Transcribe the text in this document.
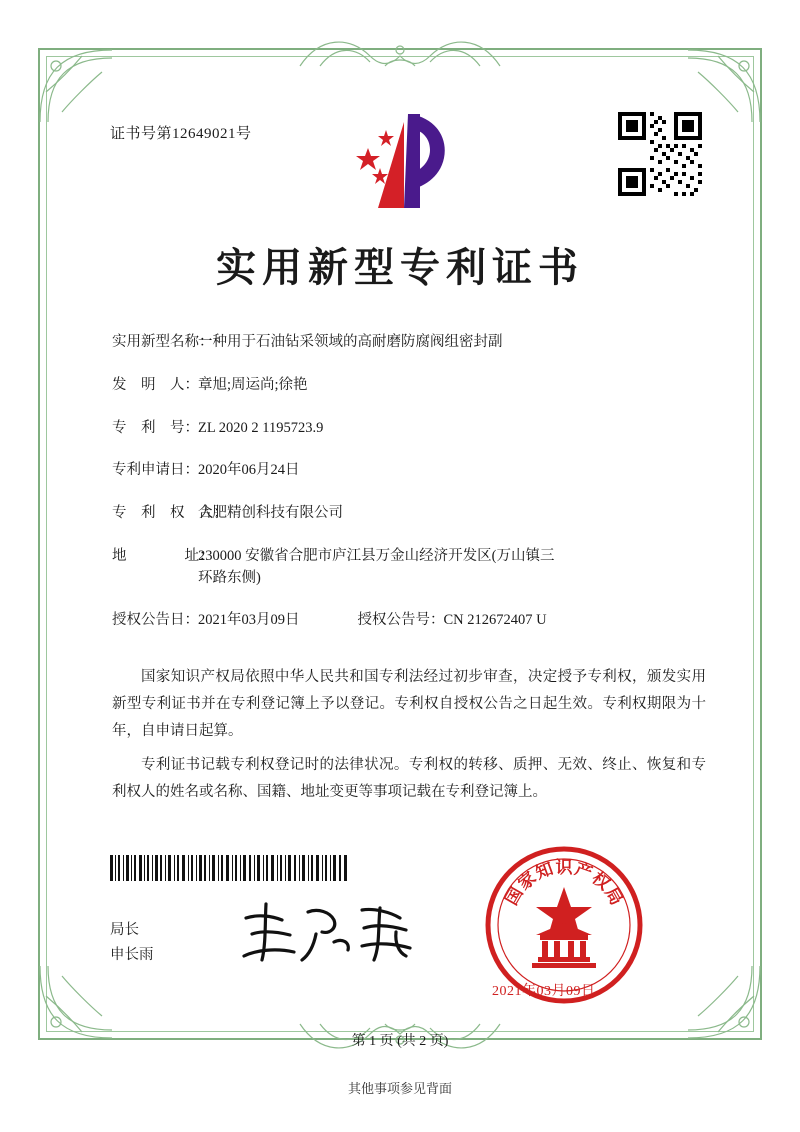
证书号第12649021号
实用新型专利证书
实用新型名称：
一种用于石油钻采领域的高耐磨防腐阀组密封副
发　明　人： 章旭;周运尚;徐艳
专　利　号： ZL 2020 2 1195723.9
专利申请日： 2020年06月24日
专　利　权　人：
合肥精创科技有限公司
地　　　　址：
230000 安徽省合肥市庐江县万金山经济开发区(万山镇三
环路东侧)
授权公告日： 2021年03月09日	授权公告号： CN 212672407 U

国家知识产权局依照中华人民共和国专利法经过初步审查，决定授予专利权，颁发实用新型专利证书并在专利登记簿上予以登记。专利权自授权公告之日起生效。专利权期限为十年，自申请日起算。

专利证书记载专利权登记时的法律状况。专利权的转移、质押、无效、终止、恢复和专利权人的姓名或名称、国籍、地址变更等事项记载在专利登记簿上。

局长
申长雨
国
家
知 识 产
权
局
2021年03月09日
第 1 页 (共 2 页)
其他事项参见背面
